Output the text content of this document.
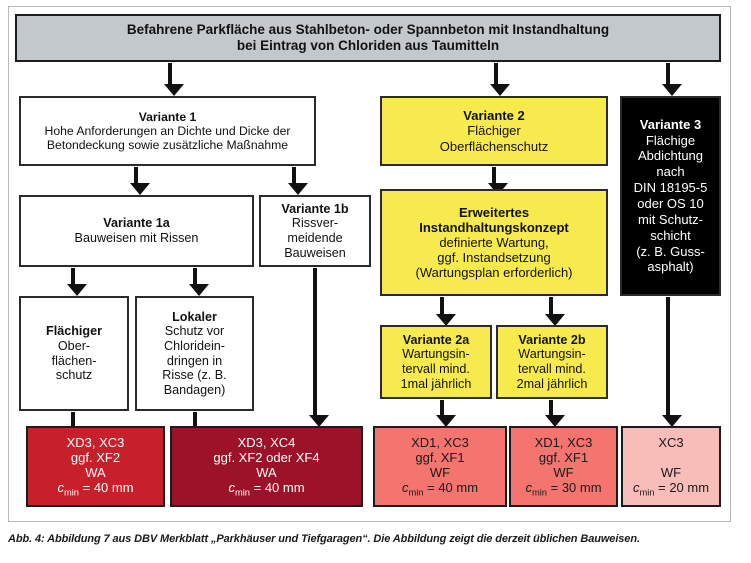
Befahrene Parkfläche aus Stahlbeton- oder Spannbeton mit Instandhaltung
bei Eintrag von Chloriden aus Taumitteln
Variante 1
Hohe Anforderungen an Dichte und Dicke der
Betondeckung sowie zusätzliche Maßnahme
Variante 2
Flächiger
Oberflächenschutz
Variante 3
Flächige
Abdichtung
nach
DIN 18195-5
oder OS 10
mit Schutz-
schicht
(z. B. Guss-
asphalt)
Variante 1a
Bauweisen mit Rissen
Variante 1b
Rissver-
meidende
Bauweisen
Erweitertes
Instandhaltungskonzept
definierte Wartung,
ggf. Instandsetzung
(Wartungsplan erforderlich)
Flächiger
Ober-
flächen-
schutz
Lokaler
Schutz vor
Chloridein-
dringen in
Risse (z. B.
Bandagen)
Variante 2a
Wartungsin-
tervall mind.
1mal jährlich
Variante 2b
Wartungsin-
tervall mind.
2mal jährlich
XD3, XC3
ggf. XF2
WA
$c_{min} = 40$ mm
XD3, XC4
ggf. XF2 oder XF4
WA
$c_{min} = 40$ mm
XD1, XC3
ggf. XF1
WF
$c_{min} = 40$ mm
XD1, XC3
ggf. XF1
WF
$c_{min} = 30$ mm
XC3

WF
$c_{min} = 20$ mm
Abb. 4: Abbildung 7 aus DBV Merkblatt „Parkhäuser und Tiefgaragen“. Die Abbildung zeigt die derzeit üblichen Bauweisen.
